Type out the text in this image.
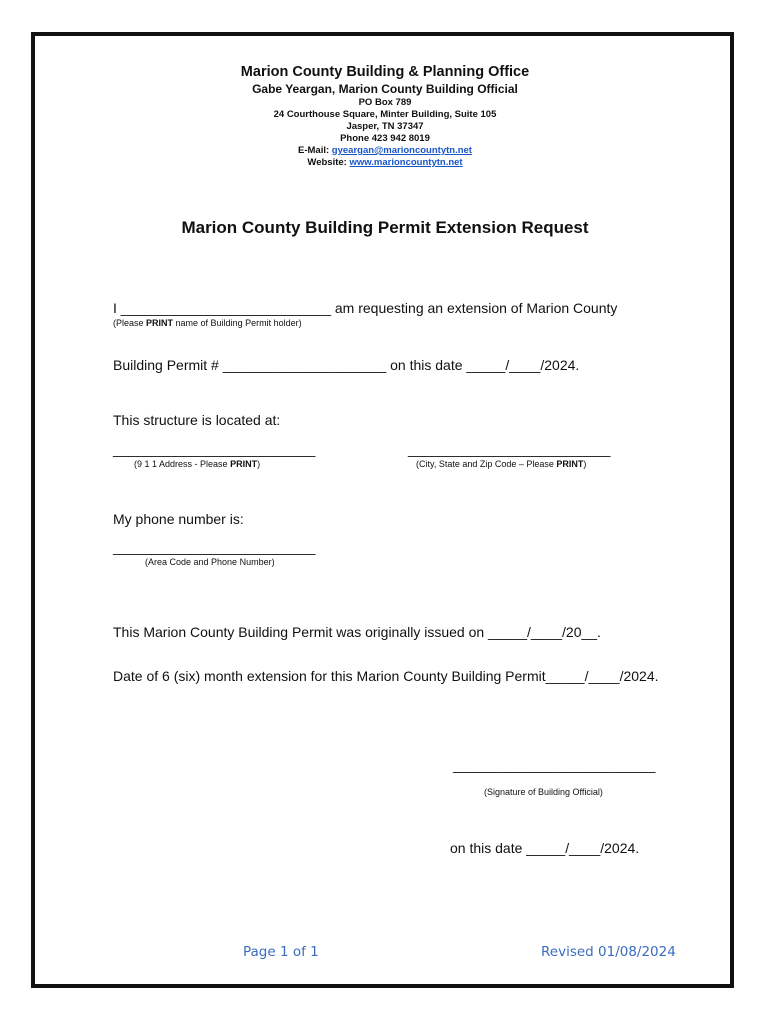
Marion County Building & Planning Office
Gabe Yeargan, Marion County Building Official
PO Box 789
24 Courthouse Square, Minter Building, Suite 105
Jasper, TN 37347
Phone 423 942 8019
E-Mail: gyeargan@marioncountytn.net
Website: www.marioncountytn.net
Marion County Building Permit Extension Request
I ___________________________ am requesting an extension of Marion County
(Please PRINT name of Building Permit holder)
Building Permit # _____________________ on this date _____/____/2024.
This structure is located at:
__________________________
(9 1 1 Address - Please PRINT)
__________________________
(City, State and Zip Code – Please PRINT)
My phone number is:
__________________________
(Area Code and Phone Number)
This Marion County Building Permit was originally issued on _____/____/20__.
Date of 6 (six) month extension for this Marion County Building Permit_____/____/2024.
__________________________
(Signature of Building Official)
on this date _____/____/2024.
Page 1 of 1	Revised 01/08/2024
